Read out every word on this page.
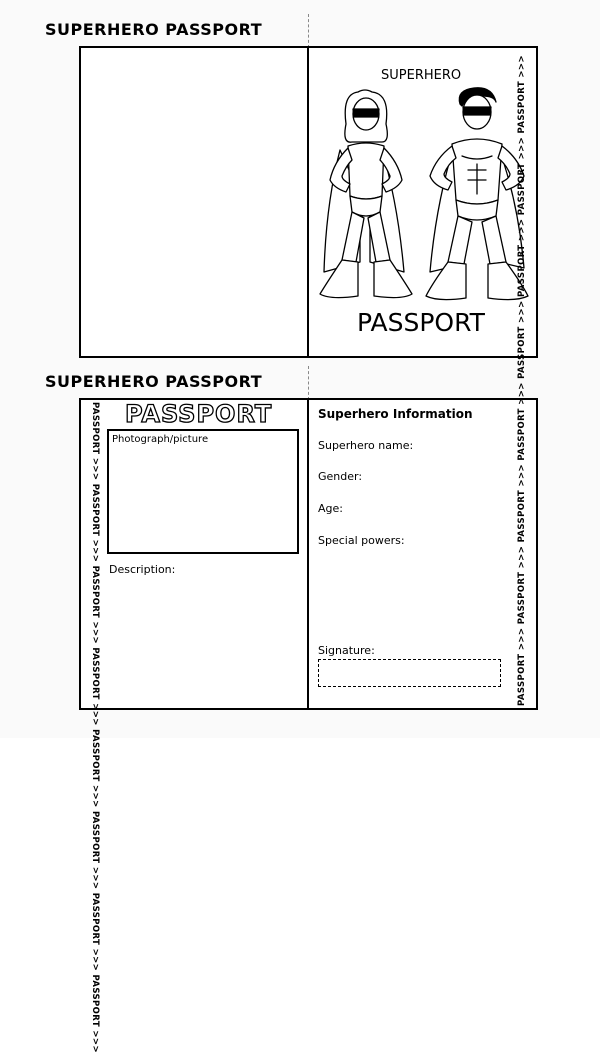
SUPERHERO PASSPORT
SUPERHERO
PASSPORT
SUPERHERO PASSPORT
PASSPORT >>> PASSPORT >>> PASSPORT >>> PASSPORT >>> PASSPORT >>> PASSPORT >>> PASSPORT >>> PASSPORT >>>
PASSPORT >>> PASSPORT >>> PASSPORT >>> PASSPORT >>> PASSPORT >>> PASSPORT >>> PASSPORT >>> PASSPORT >>>
PASSPORT
Photograph/picture
Description:
Superhero Information
Superhero name:
Gender:
Age:
Special powers:
Signature:
